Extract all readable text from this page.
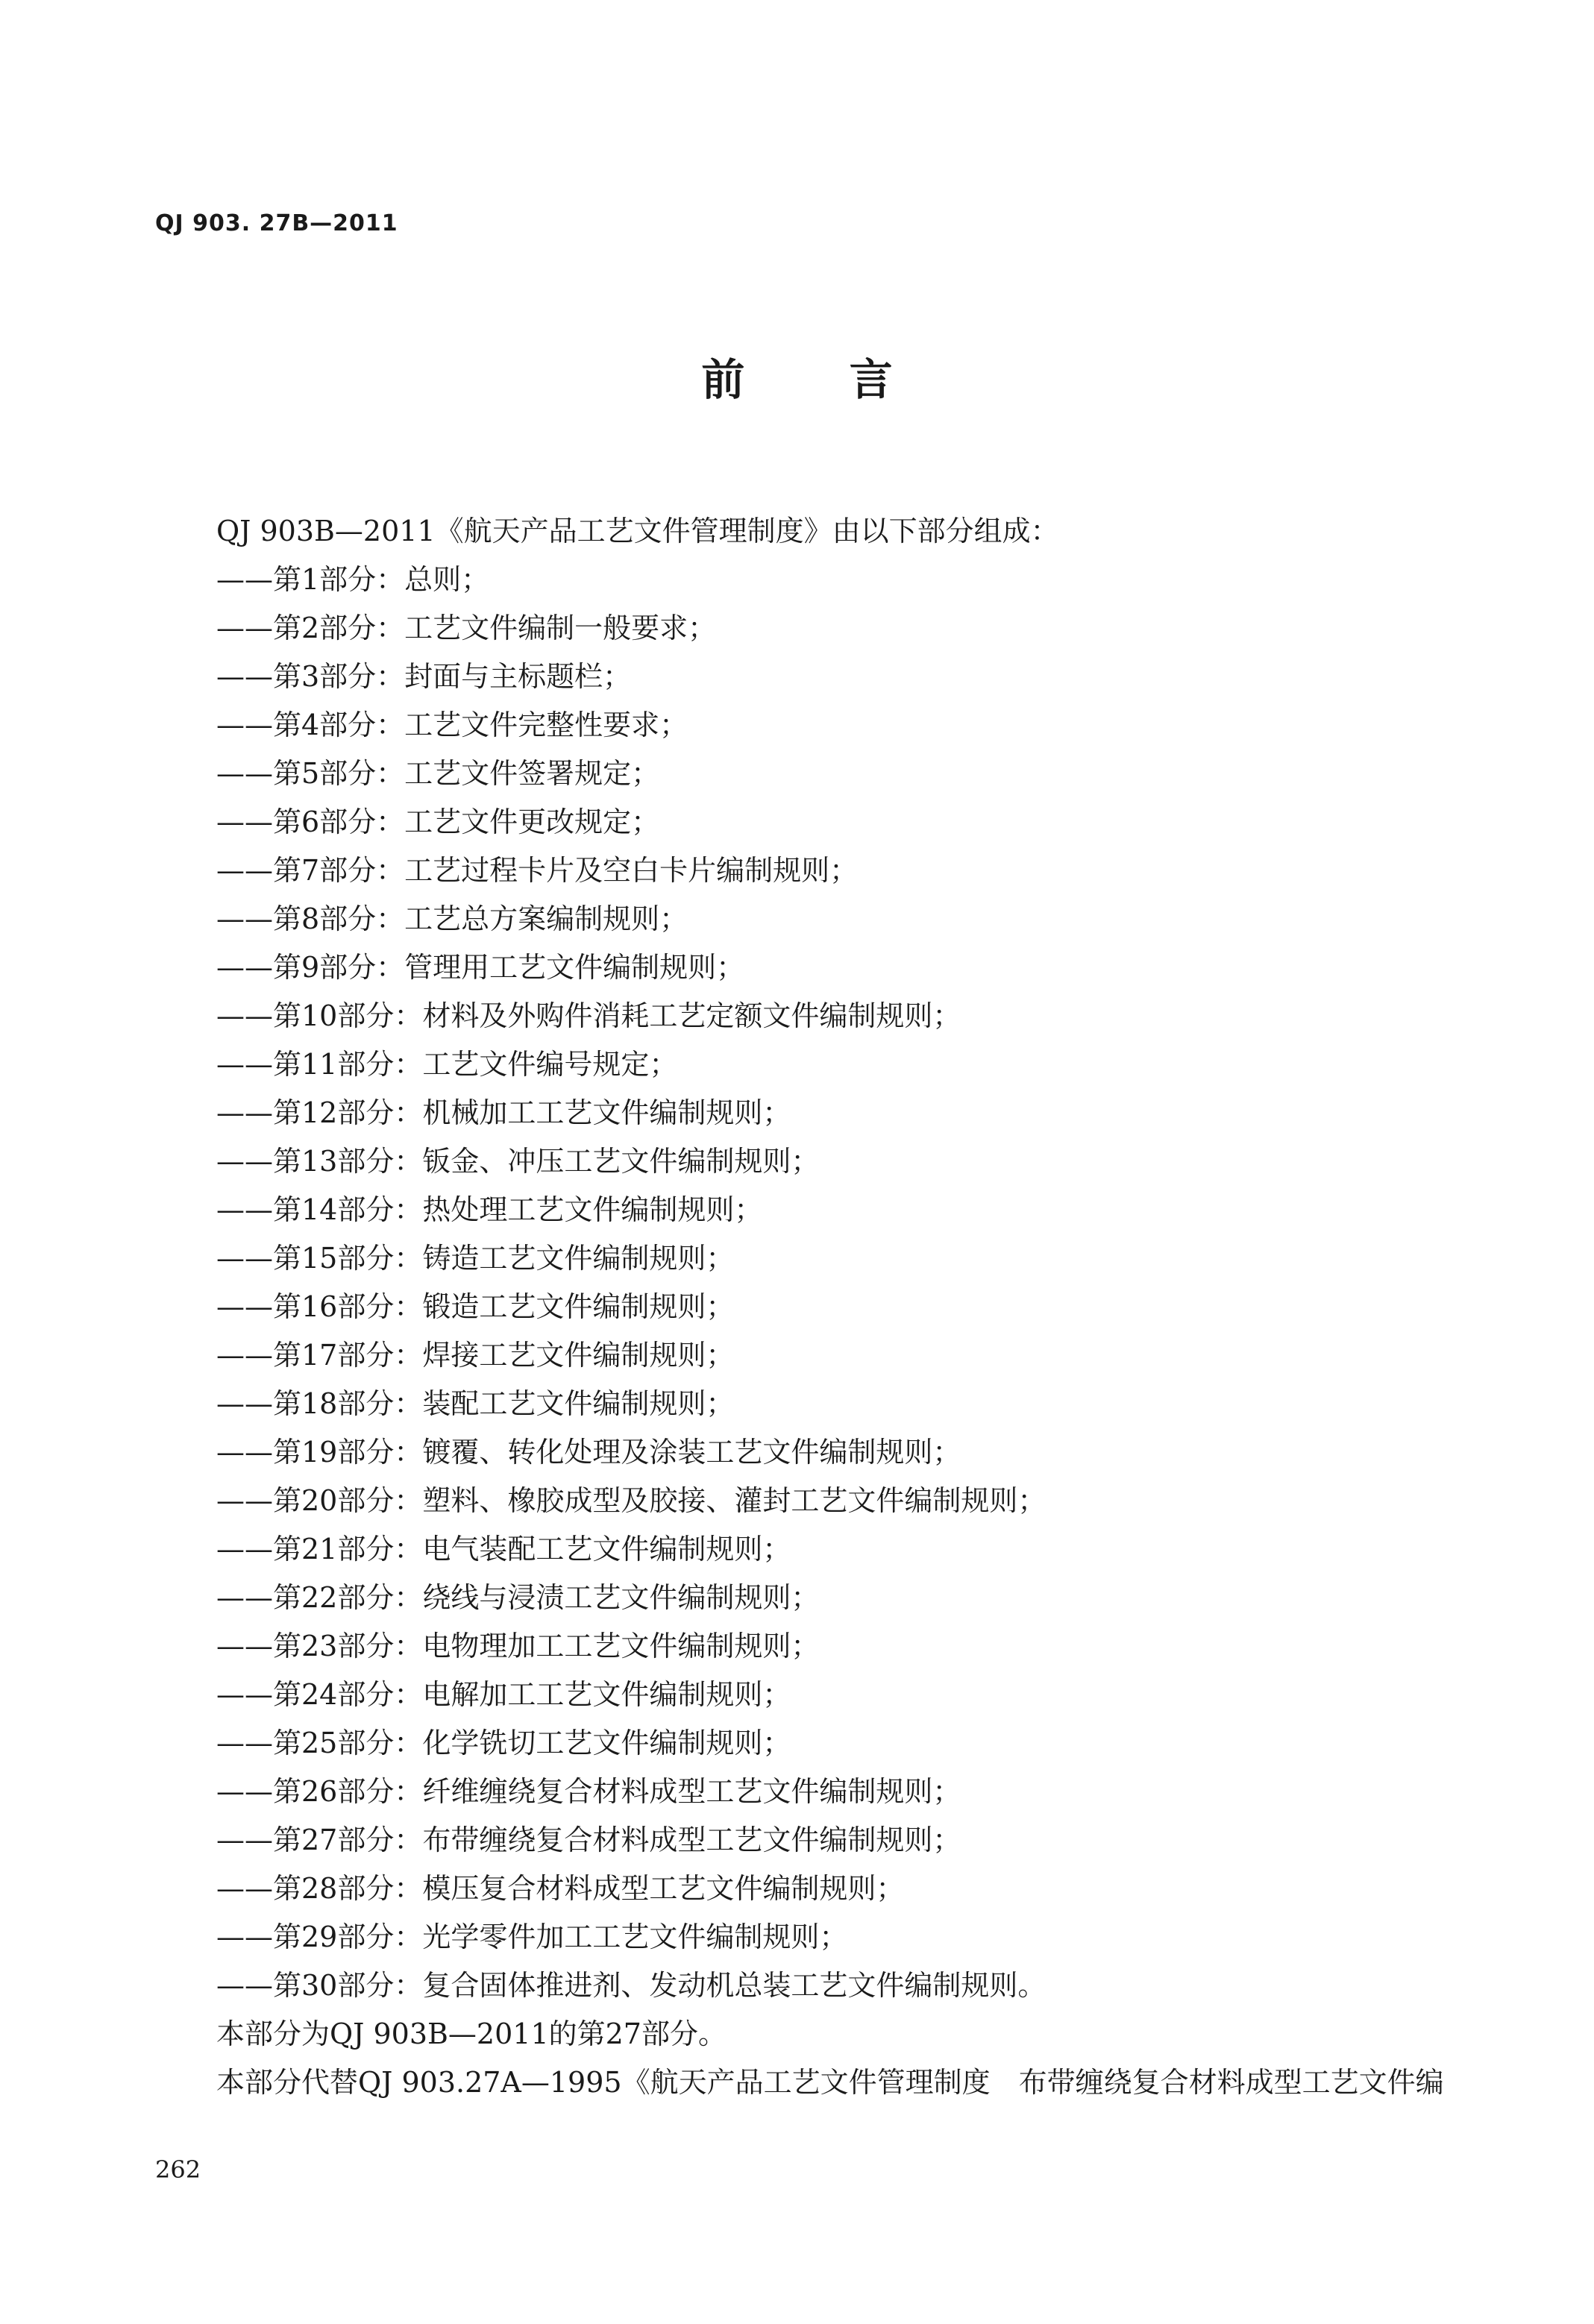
QJ 903. 27B—2011
前 言
QJ 903B—2011《航天产品工艺文件管理制度》由以下部分组成：
——第1部分：总则；
——第2部分：工艺文件编制一般要求；
——第3部分：封面与主标题栏；
——第4部分：工艺文件完整性要求；
——第5部分：工艺文件签署规定；
——第6部分：工艺文件更改规定；
——第7部分：工艺过程卡片及空白卡片编制规则；
——第8部分：工艺总方案编制规则；
——第9部分：管理用工艺文件编制规则；
——第10部分：材料及外购件消耗工艺定额文件编制规则；
——第11部分：工艺文件编号规定；
——第12部分：机械加工工艺文件编制规则；
——第13部分：钣金、冲压工艺文件编制规则；
——第14部分：热处理工艺文件编制规则；
——第15部分：铸造工艺文件编制规则；
——第16部分：锻造工艺文件编制规则；
——第17部分：焊接工艺文件编制规则；
——第18部分：装配工艺文件编制规则；
——第19部分：镀覆、转化处理及涂装工艺文件编制规则；
——第20部分：塑料、橡胶成型及胶接、灌封工艺文件编制规则；
——第21部分：电气装配工艺文件编制规则；
——第22部分：绕线与浸渍工艺文件编制规则；
——第23部分：电物理加工工艺文件编制规则；
——第24部分：电解加工工艺文件编制规则；
——第25部分：化学铣切工艺文件编制规则；
——第26部分：纤维缠绕复合材料成型工艺文件编制规则；
——第27部分：布带缠绕复合材料成型工艺文件编制规则；
——第28部分：模压复合材料成型工艺文件编制规则；
——第29部分：光学零件加工工艺文件编制规则；
——第30部分：复合固体推进剂、发动机总装工艺文件编制规则。
本部分为QJ 903B—2011的第27部分。
本部分代替QJ 903.27A—1995《航天产品工艺文件管理制度　布带缠绕复合材料成型工艺文件编
262
